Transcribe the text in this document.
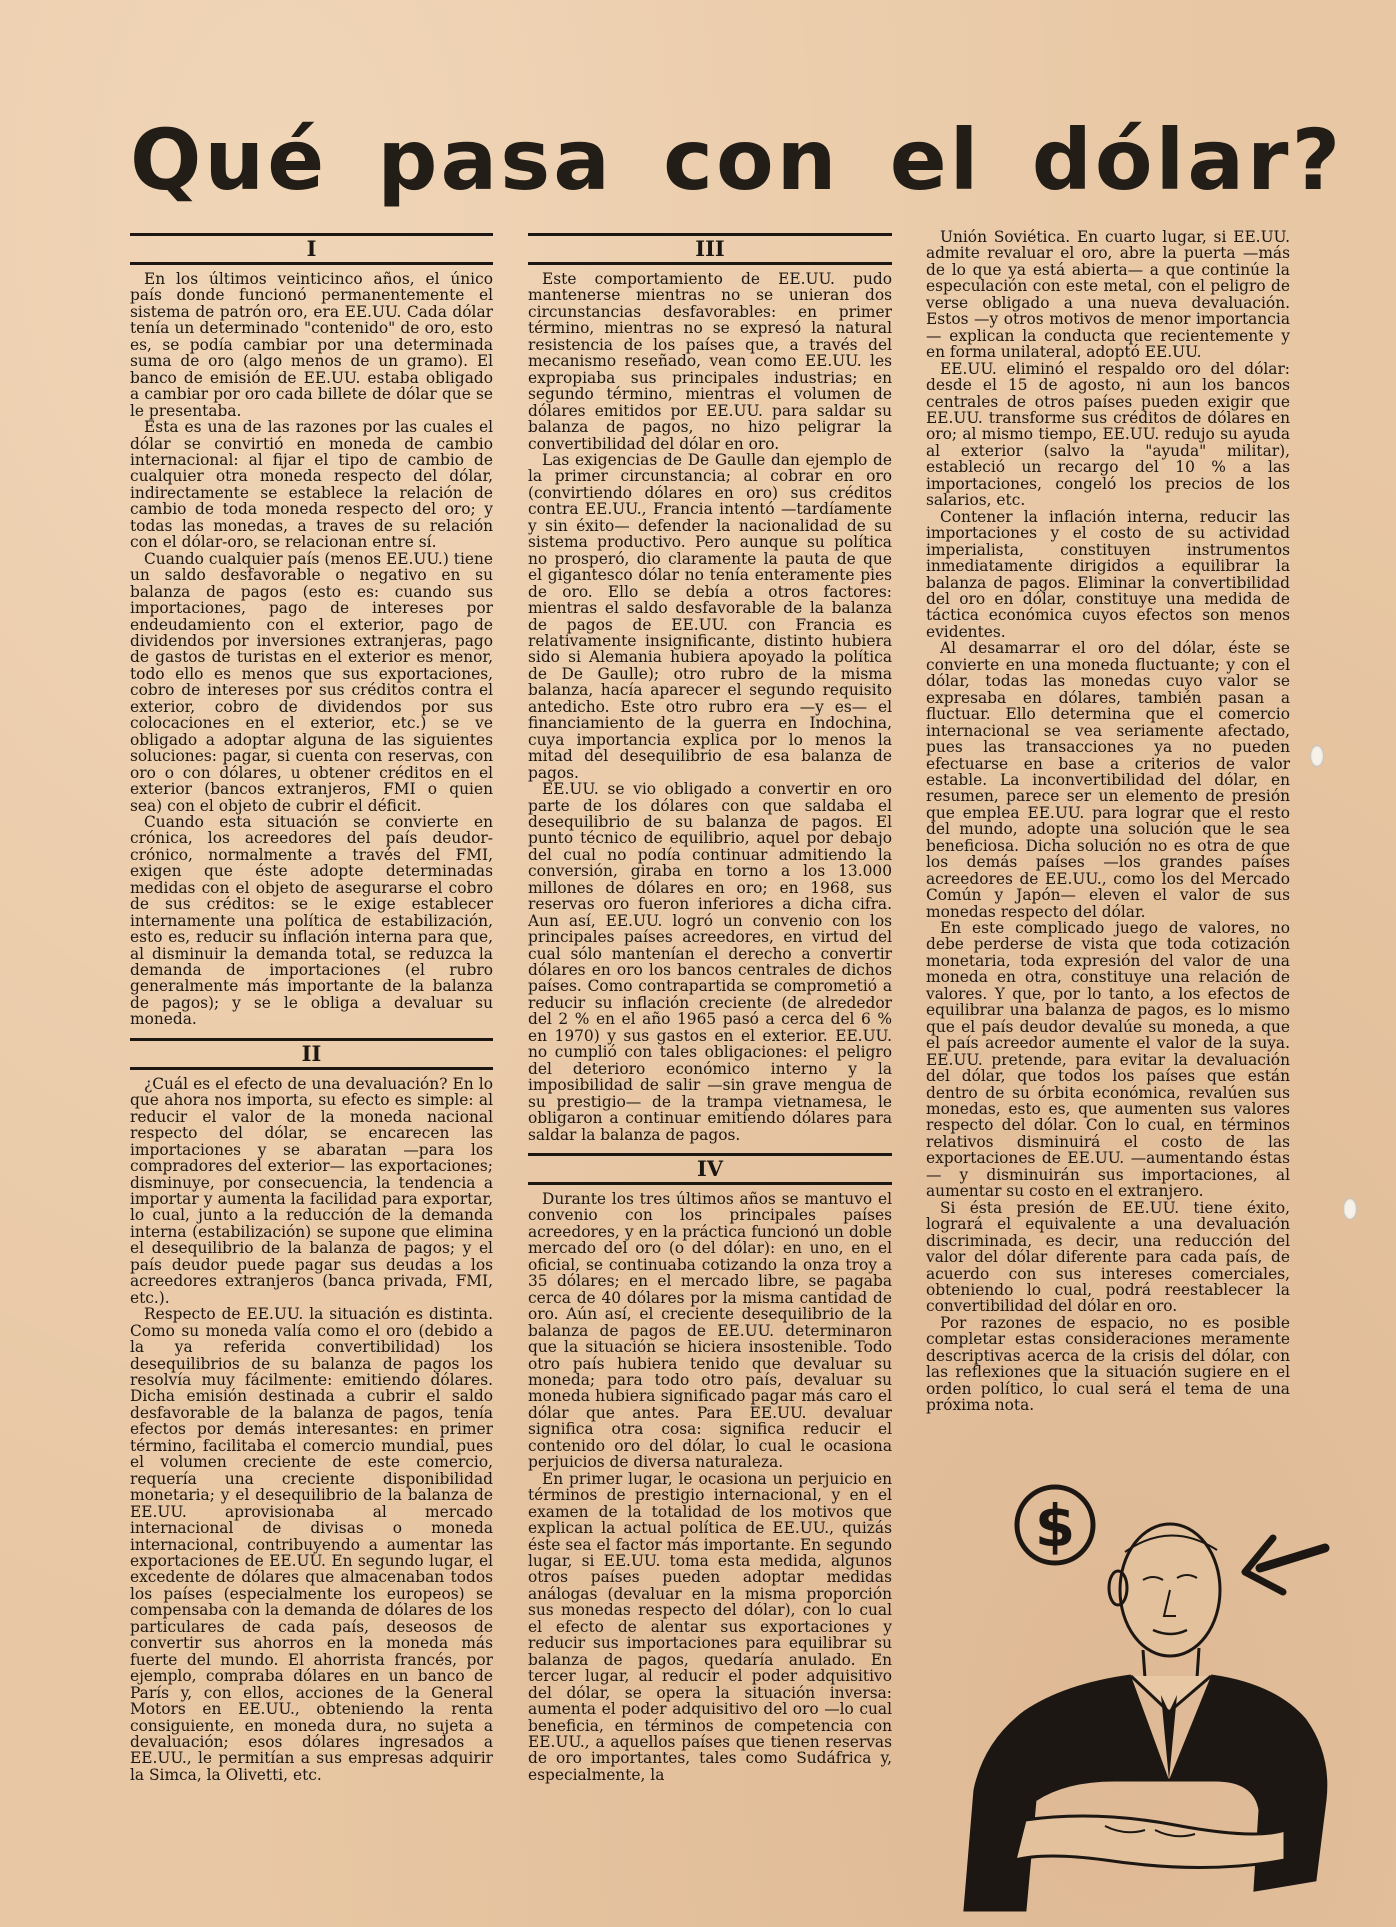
Qué pasa con el dólar?
I

En los últimos veinticinco años, el único país donde funcionó permanentemente el sistema de patrón oro, era EE.UU. Cada dólar tenía un determinado "contenido" de oro, esto es, se podía cambiar por una determinada suma de oro (algo menos de un gramo). El banco de emisión de EE.UU. estaba obligado a cambiar por oro cada billete de dólar que se le presentaba.

Esta es una de las razones por las cuales el dólar se convirtió en moneda de cambio internacional: al fijar el tipo de cambio de cualquier otra moneda respecto del dólar, indirectamente se establece la relación de cambio de toda moneda respecto del oro; y todas las monedas, a traves de su relación con el dólar-oro, se relacionan entre sí.

Cuando cualquier país (menos EE.UU.) tiene un saldo desfavorable o negativo en su balanza de pagos (esto es: cuando sus importaciones, pago de intereses por endeudamiento con el exterior, pago de dividendos por inversiones extranjeras, pago de gastos de turistas en el exterior es menor, todo ello es menos que sus exportaciones, cobro de intereses por sus créditos contra el exterior, cobro de dividendos por sus colocaciones en el exterior, etc.) se ve obligado a adoptar alguna de las siguientes soluciones: pagar, si cuenta con reservas, con oro o con dólares, u obtener créditos en el exterior (bancos extranjeros, FMI o quien sea) con el objeto de cubrir el déficit.

Cuando esta situación se convierte en crónica, los acreedores del país deudor-crónico, normalmente a través del FMI, exigen que éste adopte determinadas medidas con el objeto de asegurarse el cobro de sus créditos: se le exige establecer internamente una política de estabilización, esto es, reducir su inflación interna para que, al disminuir la demanda total, se reduzca la demanda de importaciones (el rubro generalmente más importante de la balanza de pagos); y se le obliga a devaluar su moneda.

II

¿Cuál es el efecto de una devaluación? En lo que ahora nos importa, su efecto es simple: al reducir el valor de la moneda nacional respecto del dólar, se encarecen las importaciones y se abaratan —para los compradores del exterior— las exportaciones; disminuye, por consecuencia, la tendencia a importar y aumenta la facilidad para exportar, lo cual, junto a la reducción de la demanda interna (estabilización) se supone que elimina el desequilibrio de la balanza de pagos; y el país deudor puede pagar sus deudas a los acreedores extranjeros (banca privada, FMI, etc.).

Respecto de EE.UU. la situación es distinta. Como su moneda valía como el oro (debido a la ya referida convertibilidad) los desequilibrios de su balanza de pagos los resolvía muy fácilmente: emitiendo dólares. Dicha emisión destinada a cubrir el saldo desfavorable de la balanza de pagos, tenía efectos por demás interesantes: en primer término, facilitaba el comercio mundial, pues el volumen creciente de este comercio, requería una creciente disponibilidad monetaria; y el desequilibrio de la balanza de EE.UU. aprovisionaba al mercado internacional de divisas o moneda internacional, contribuyendo a aumentar las exportaciones de EE.UU. En segundo lugar, el excedente de dólares que almacenaban todos los países (especialmente los europeos) se compensaba con la demanda de dólares de los particulares de cada país, deseosos de convertir sus ahorros en la moneda más fuerte del mundo. El ahorrista francés, por ejemplo, compraba dólares en un banco de París y, con ellos, acciones de la General Motors en EE.UU., obteniendo la renta consiguiente, en moneda dura, no sujeta a devaluación; esos dólares ingresados a EE.UU., le permitían a sus empresas adquirir la Simca, la Olivetti, etc.

III

Este comportamiento de EE.UU. pudo mantenerse mientras no se unieran dos circunstancias desfavorables: en primer término, mientras no se expresó la natural resistencia de los países que, a través del mecanismo reseñado, vean como EE.UU. les expropiaba sus principales industrias; en segundo término, mientras el volumen de dólares emitidos por EE.UU. para saldar su balanza de pagos, no hizo peligrar la convertibilidad del dólar en oro.

Las exigencias de De Gaulle dan ejemplo de la primer circunstancia; al cobrar en oro (convirtiendo dólares en oro) sus créditos contra EE.UU., Francia intentó —tardíamente y sin éxito— defender la nacionalidad de su sistema productivo. Pero aunque su política no prosperó, dio claramente la pauta de que el gigantesco dólar no tenía enteramente pies de oro. Ello se debía a otros factores: mientras el saldo desfavorable de la balanza de pagos de EE.UU. con Francia es relativamente insignificante, distinto hubiera sido si Alemania hubiera apoyado la política de De Gaulle); otro rubro de la misma balanza, hacía aparecer el segundo requisito antedicho. Este otro rubro era —y es— el financiamiento de la guerra en Indochina, cuya importancia explica por lo menos la mitad del desequilibrio de esa balanza de pagos.

EE.UU. se vio obligado a convertir en oro parte de los dólares con que saldaba el desequilibrio de su balanza de pagos. El punto técnico de equilibrio, aquel por debajo del cual no podía continuar admitiendo la conversión, giraba en torno a los 13.000 millones de dólares en oro; en 1968, sus reservas oro fueron inferiores a dicha cifra. Aun así, EE.UU. logró un convenio con los principales países acreedores, en virtud del cual sólo mantenían el derecho a convertir dólares en oro los bancos centrales de dichos países. Como contrapartida se comprometió a reducir su inflación creciente (de alrededor del 2 % en el año 1965 pasó a cerca del 6 % en 1970) y sus gastos en el exterior. EE.UU. no cumplió con tales obligaciones: el peligro del deterioro económico interno y la imposibilidad de salir —sin grave mengua de su prestigio— de la trampa vietnamesa, le obligaron a continuar emitiendo dólares para saldar la balanza de pagos.

IV

Durante los tres últimos años se mantuvo el convenio con los principales países acreedores, y en la práctica funcionó un doble mercado del oro (o del dólar): en uno, en el oficial, se continuaba cotizando la onza troy a 35 dólares; en el mercado libre, se pagaba cerca de 40 dólares por la misma cantidad de oro. Aún así, el creciente desequilibrio de la balanza de pagos de EE.UU. determinaron que la situación se hiciera insostenible. Todo otro país hubiera tenido que devaluar su moneda; para todo otro país, devaluar su moneda hubiera significado pagar más caro el dólar que antes. Para EE.UU. devaluar significa otra cosa: significa reducir el contenido oro del dólar, lo cual le ocasiona perjuicios de diversa naturaleza.

En primer lugar, le ocasiona un perjuicio en términos de prestigio internacional, y en el examen de la totalidad de los motivos que explican la actual política de EE.UU., quizás éste sea el factor más importante. En segundo lugar, si EE.UU. toma esta medida, algunos otros países pueden adoptar medidas análogas (devaluar en la misma proporción sus monedas respecto del dólar), con lo cual el efecto de alentar sus exportaciones y reducir sus importaciones para equilibrar su balanza de pagos, quedaría anulado. En tercer lugar, al reducir el poder adquisitivo del dólar, se opera la situación inversa: aumenta el poder adquisitivo del oro —lo cual beneficia, en términos de competencia con EE.UU., a aquellos países que tienen reservas de oro importantes, tales como Sudáfrica y, especialmente, la

Unión Soviética. En cuarto lugar, si EE.UU. admite revaluar el oro, abre la puerta —más de lo que ya está abierta— a que continúe la especulación con este metal, con el peligro de verse obligado a una nueva devaluación. Estos —y otros motivos de menor importancia— explican la conducta que recientemente y en forma unilateral, adoptó EE.UU.

EE.UU. eliminó el respaldo oro del dólar: desde el 15 de agosto, ni aun los bancos centrales de otros países pueden exigir que EE.UU. transforme sus créditos de dólares en oro; al mismo tiempo, EE.UU. redujo su ayuda al exterior (salvo la "ayuda" militar), estableció un recargo del 10 % a las importaciones, congeló los precios de los salarios, etc.

Contener la inflación interna, reducir las importaciones y el costo de su actividad imperialista, constituyen instrumentos inmediatamente dirigidos a equilibrar la balanza de pagos. Eliminar la convertibilidad del oro en dólar, constituye una medida de táctica económica cuyos efectos son menos evidentes.

Al desamarrar el oro del dólar, éste se convierte en una moneda fluctuante; y con el dólar, todas las monedas cuyo valor se expresaba en dólares, también pasan a fluctuar. Ello determina que el comercio internacional se vea seriamente afectado, pues las transacciones ya no pueden efectuarse en base a criterios de valor estable. La inconvertibilidad del dólar, en resumen, parece ser un elemento de presión que emplea EE.UU. para lograr que el resto del mundo, adopte una solución que le sea beneficiosa. Dicha solución no es otra de que los demás países —los grandes países acreedores de EE.UU., como los del Mercado Común y Japón— eleven el valor de sus monedas respecto del dólar.

En este complicado juego de valores, no debe perderse de vista que toda cotización monetaria, toda expresión del valor de una moneda en otra, constituye una relación de valores. Y que, por lo tanto, a los efectos de equilibrar una balanza de pagos, es lo mismo que el país deudor devalúe su moneda, a que el país acreedor aumente el valor de la suya. EE.UU. pretende, para evitar la devaluación del dólar, que todos los países que están dentro de su órbita económica, revalúen sus monedas, esto es, que aumenten sus valores respecto del dólar. Con lo cual, en términos relativos disminuirá el costo de las exportaciones de EE.UU. —aumentando éstas— y disminuirán sus importaciones, al aumentar su costo en el extranjero.

Si ésta presión de EE.UU. tiene éxito, logrará el equivalente a una devaluación discriminada, es decir, una reducción del valor del dólar diferente para cada país, de acuerdo con sus intereses comerciales, obteniendo lo cual, podrá reestablecer la convertibilidad del dólar en oro.

Por razones de espacio, no es posible completar estas consideraciones meramente descriptivas acerca de la crisis del dólar, con las reflexiones que la situación sugiere en el orden político, lo cual será el tema de una próxima nota.

$
